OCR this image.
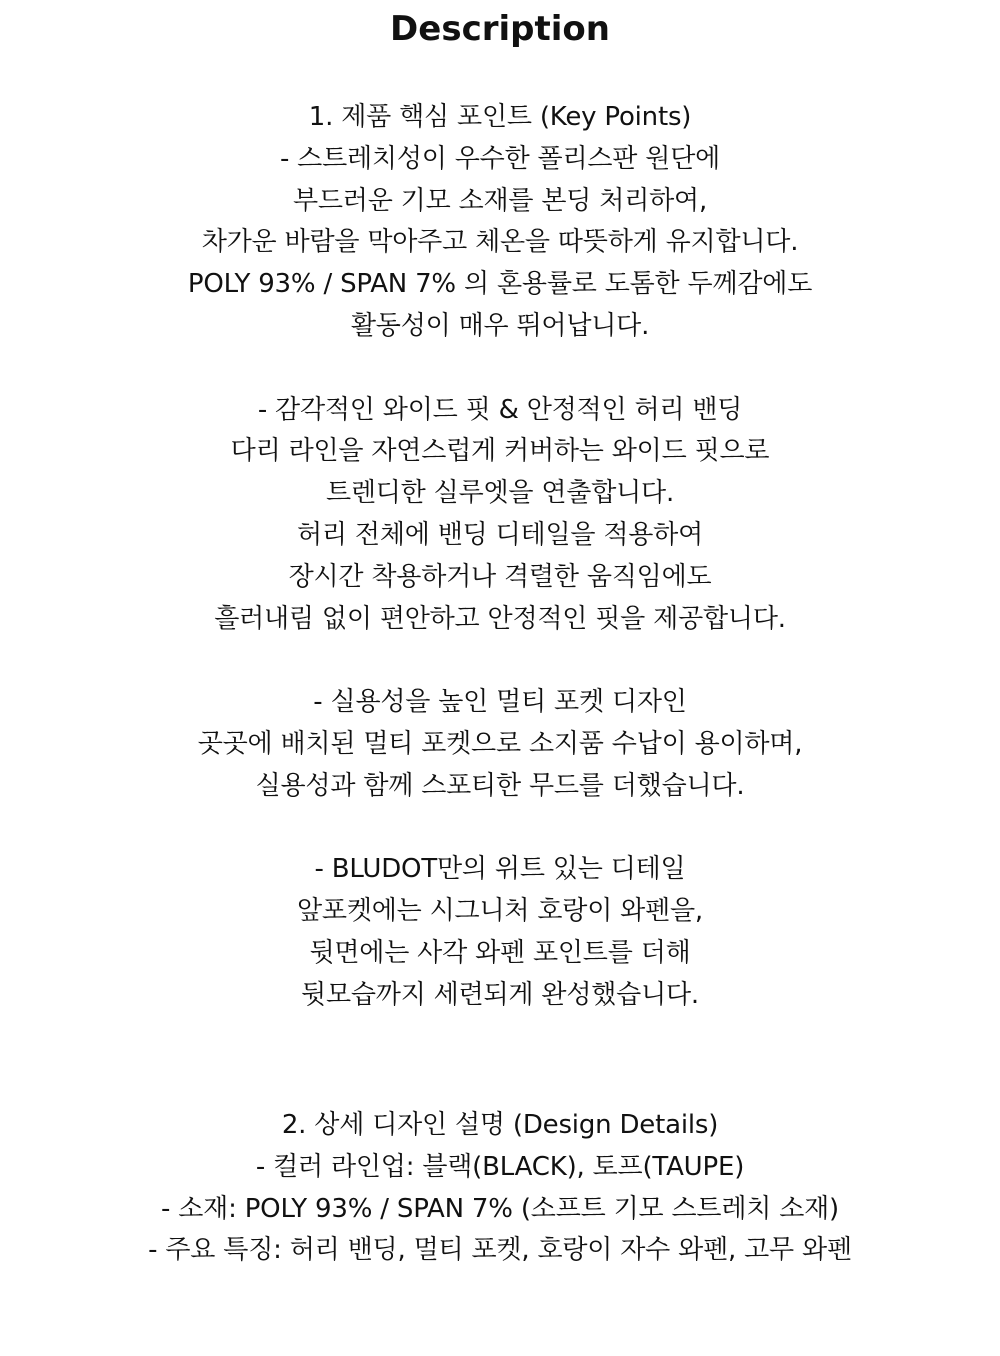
Description
1. 제품 핵심 포인트 (Key Points)
- 스트레치성이 우수한 폴리스판 원단에
부드러운 기모 소재를 본딩 처리하여,
차가운 바람을 막아주고 체온을 따뜻하게 유지합니다.
POLY 93% / SPAN 7% 의 혼용률로 도톰한 두께감에도
활동성이 매우 뛰어납니다.
- 감각적인 와이드 핏 & 안정적인 허리 밴딩
다리 라인을 자연스럽게 커버하는 와이드 핏으로
트렌디한 실루엣을 연출합니다.
허리 전체에 밴딩 디테일을 적용하여
장시간 착용하거나 격렬한 움직임에도
흘러내림 없이 편안하고 안정적인 핏을 제공합니다.
- 실용성을 높인 멀티 포켓 디자인
곳곳에 배치된 멀티 포켓으로 소지품 수납이 용이하며,
실용성과 함께 스포티한 무드를 더했습니다.
- BLUDOT만의 위트 있는 디테일
앞포켓에는 시그니처 호랑이 와펜을,
뒷면에는 사각 와펜 포인트를 더해
뒷모습까지 세련되게 완성했습니다.
2. 상세 디자인 설명 (Design Details)
- 컬러 라인업: 블랙(BLACK), 토프(TAUPE)
- 소재: POLY 93% / SPAN 7% (소프트 기모 스트레치 소재)
- 주요 특징: 허리 밴딩, 멀티 포켓, 호랑이 자수 와펜, 고무 와펜
